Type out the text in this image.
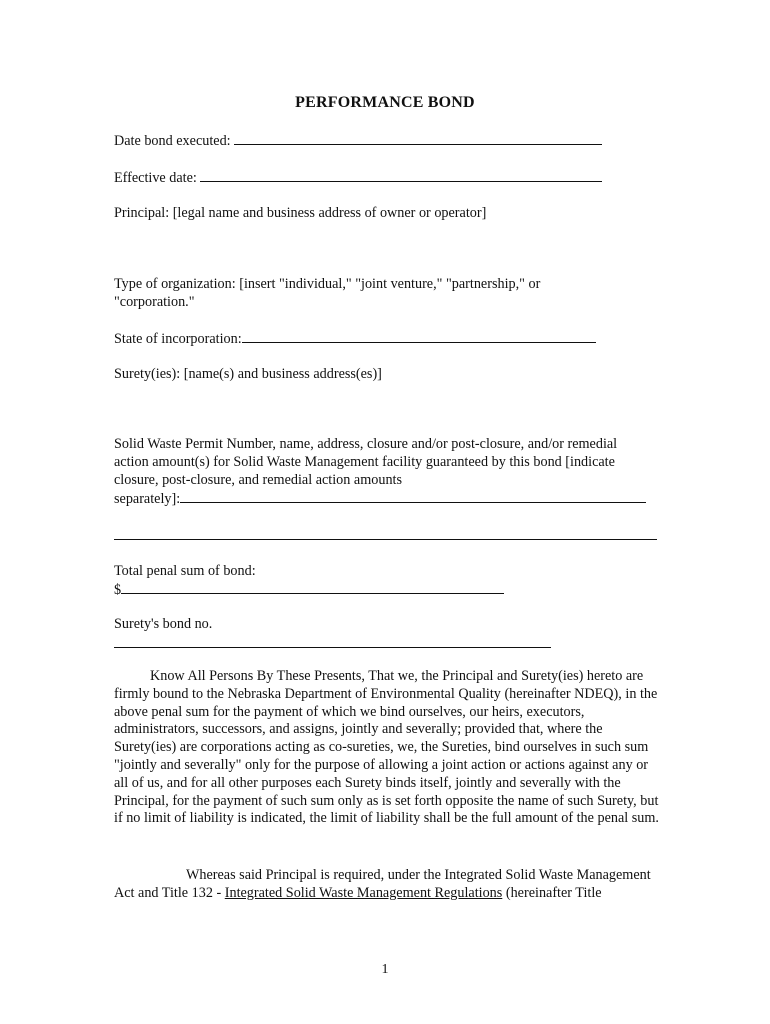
PERFORMANCE BOND
Date bond executed:
Effective date:
Principal: [legal name and business address of owner or operator]
Type of organization: [insert "individual," "joint venture," "partnership," or
"corporation."
State of incorporation:
Surety(ies): [name(s) and business address(es)]
Solid Waste Permit Number, name, address, closure and/or post-closure, and/or remedial
action amount(s) for Solid Waste Management facility guaranteed by this bond [indicate
closure, post-closure, and remedial action amounts
separately]:
Total penal sum of bond:
$
Surety's bond no.
Know All Persons By These Presents, That we, the Principal and Surety(ies) hereto are firmly bound to the Nebraska Department of Environmental Quality (hereinafter NDEQ), in the above penal sum for the payment of which we bind ourselves, our heirs, executors, administrators, successors, and assigns, jointly and severally; provided that, where the Surety(ies) are corporations acting as co-sureties, we, the Sureties, bind ourselves in such sum "jointly and severally" only for the purpose of allowing a joint action or actions against any or all of us, and for all other purposes each Surety binds itself, jointly and severally with the Principal, for the payment of such sum only as is set forth opposite the name of such Surety, but if no limit of liability is indicated, the limit of liability shall be the full amount of the penal sum.
Whereas said Principal is required, under the Integrated Solid Waste Management
Act and Title 132 - Integrated Solid Waste Management Regulations (hereinafter Title
1
